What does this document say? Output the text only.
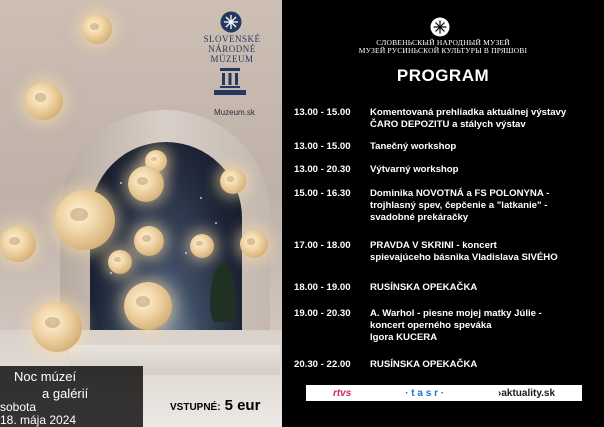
SLOVENSKÉ
NÁRODNÉ
MÚZEUM
Muzeum.sk
Noc múzeí
a galérií
sobota
18. mája 2024
VSTUPNÉ: 5 eur
СЛОВЕНЬСКЫЙ НАРОДНЫЙ МУЗЕЙ
МУЗЕЙ РУСИНЬСКОЙ КУЛЬТУРЫ В ПРЯШОВІ
PROGRAM
13.00 - 15.00	Komentovaná prehliadka aktuálnej výstavy
ČARO DEPOZITU a stálych výstav
13.00 - 15.00	Tanečný workshop
13.00 - 20.30	Výtvarný workshop
15.00 - 16.30	Dominika NOVOTNÁ a FS POLONYNA -
trojhlasný spev, čepčenie a "latkanie" -
svadobné prekáračky
17.00 - 18.00	PRAVDA V SKRINI - koncert
spievajúceho básnika Vladislava SIVÉHO
18.00 - 19.00	RUSÍNSKA OPEKAČKA
19.00 - 20.30	A. Warhol - piesne mojej matky Júlie -
koncert operného speváka
Igora KUCERA
20.30 - 22.00	RUSÍNSKA OPEKAČKA
rtvs	· t a s r ·	›aktuality.sk
